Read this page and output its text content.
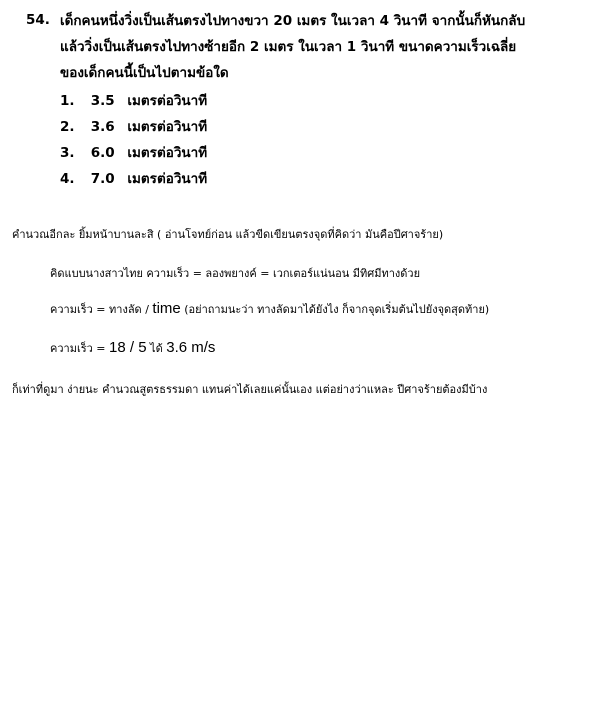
54. เด็กคนหนึ่งวิ่งเป็นเส้นตรงไปทางขวา 20 เมตร ในเวลา 4 วินาที จากนั้นก็หันกลับ
แล้ววิ่งเป็นเส้นตรงไปทางซ้ายอีก 2 เมตร ในเวลา 1 วินาที ขนาดความเร็วเฉลี่ย
ของเด็กคนนี้เป็นไปตามข้อใด
1. 3.5 เมตรต่อวินาที
2. 3.6 เมตรต่อวินาที
3. 6.0 เมตรต่อวินาที
4. 7.0 เมตรต่อวินาที
คำนวณอีกละ ยิ้มหน้าบานละสิ ( อ่านโจทย์ก่อน แล้วขีดเขียนตรงจุดที่คิดว่า มันคือปีศาจร้าย)
คิดแบบนางสาวไทย ความเร็ว = ลองพยางค์ = เวกเตอร์แน่นอน มีทิศมีทางด้วย
ความเร็ว = ทางลัด / time (อย่าถามนะว่า ทางลัดมาได้ยังไง ก็จากจุดเริ่มต้นไปยังจุดสุดท้าย)
ความเร็ว = 18 / 5 ได้ 3.6 m/s
ก็เท่าที่ดูมา ง่ายนะ คำนวณสูตรธรรมดา แทนค่าได้เลยแค่นั้นเอง แต่อย่างว่าแหละ ปีศาจร้ายต้องมีบ้าง
